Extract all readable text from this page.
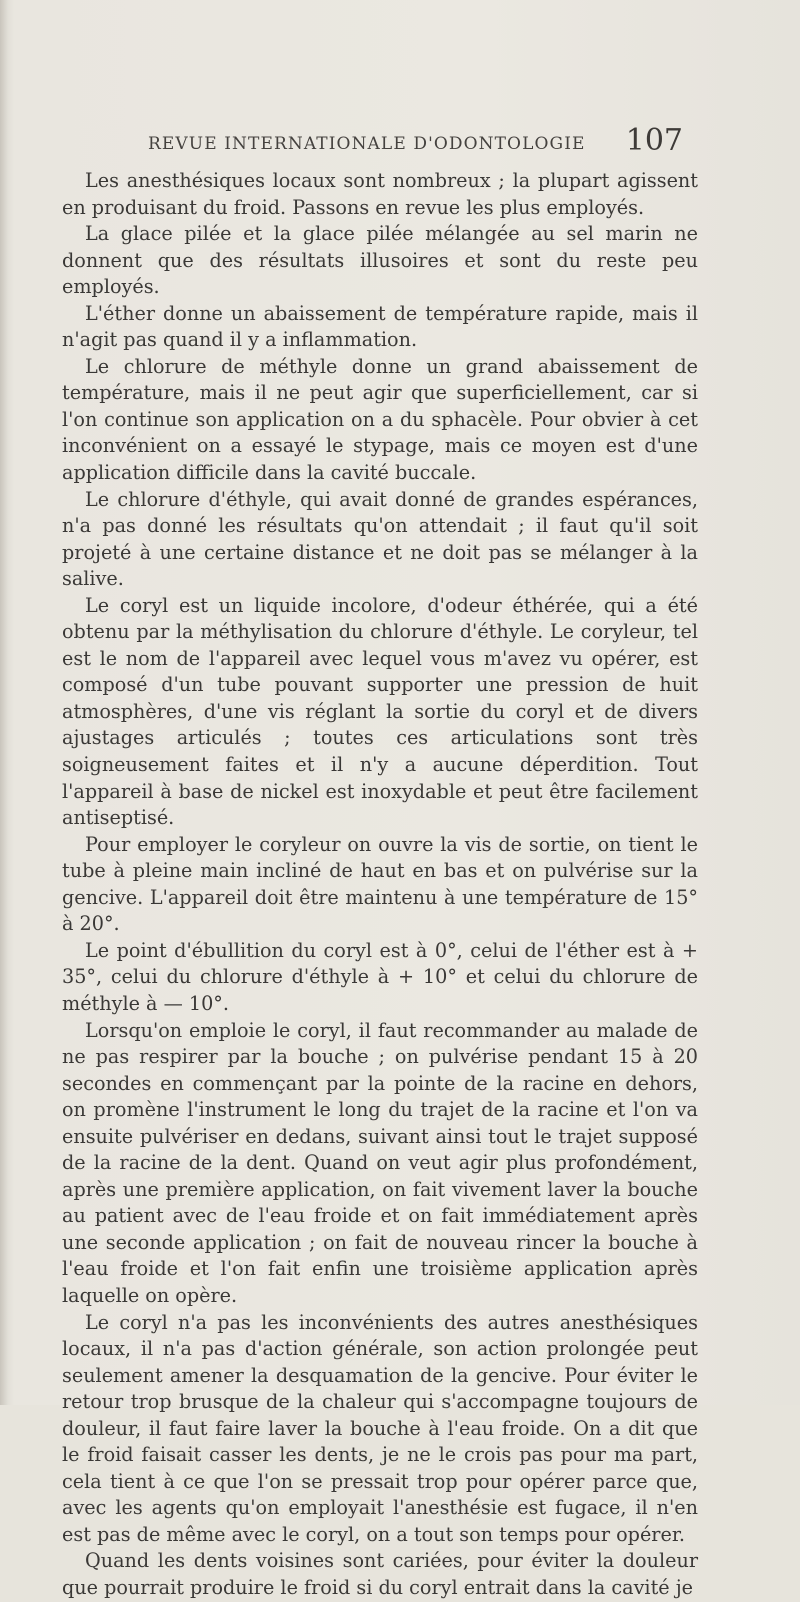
REVUE INTERNATIONALE D'ODONTOLOGIE 107

Les anesthésiques locaux sont nombreux ; la plupart agissent en produisant du froid. Passons en revue les plus employés.

La glace pilée et la glace pilée mélangée au sel marin ne donnent que des résultats illusoires et sont du reste peu employés.

L'éther donne un abaissement de température rapide, mais il n'agit pas quand il y a inflammation.

Le chlorure de méthyle donne un grand abaissement de température, mais il ne peut agir que superficiellement, car si l'on continue son application on a du sphacèle. Pour obvier à cet inconvénient on a essayé le stypage, mais ce moyen est d'une application difficile dans la cavité buccale.

Le chlorure d'éthyle, qui avait donné de grandes espérances, n'a pas donné les résultats qu'on attendait ; il faut qu'il soit projeté à une certaine distance et ne doit pas se mélanger à la salive.

Le coryl est un liquide incolore, d'odeur éthérée, qui a été obtenu par la méthylisation du chlorure d'éthyle. Le coryleur, tel est le nom de l'appareil avec lequel vous m'avez vu opérer, est composé d'un tube pouvant supporter une pression de huit atmosphères, d'une vis réglant la sortie du coryl et de divers ajustages articulés ; toutes ces articulations sont très soigneusement faites et il n'y a aucune déperdition. Tout l'appareil à base de nickel est inoxydable et peut être facilement antiseptisé.

Pour employer le coryleur on ouvre la vis de sortie, on tient le tube à pleine main incliné de haut en bas et on pulvérise sur la gencive. L'appareil doit être maintenu à une température de 15° à 20°.

Le point d'ébullition du coryl est à 0°, celui de l'éther est à + 35°, celui du chlorure d'éthyle à + 10° et celui du chlorure de méthyle à — 10°.

Lorsqu'on emploie le coryl, il faut recommander au malade de ne pas respirer par la bouche ; on pulvérise pendant 15 à 20 secondes en commençant par la pointe de la racine en dehors, on promène l'instrument le long du trajet de la racine et l'on va ensuite pulvériser en dedans, suivant ainsi tout le trajet supposé de la racine de la dent. Quand on veut agir plus profondément, après une première application, on fait vivement laver la bouche au patient avec de l'eau froide et on fait immédiatement après une seconde application ; on fait de nouveau rincer la bouche à l'eau froide et l'on fait enfin une troisième application après laquelle on opère.

Le coryl n'a pas les inconvénients des autres anesthésiques locaux, il n'a pas d'action générale, son action prolongée peut seulement amener la desquamation de la gencive. Pour éviter le retour trop brusque de la chaleur qui s'accompagne toujours de douleur, il faut faire laver la bouche à l'eau froide. On a dit que le froid faisait casser les dents, je ne le crois pas pour ma part, cela tient à ce que l'on se pressait trop pour opérer parce que, avec les agents qu'on employait l'anesthésie est fugace, il n'en est pas de même avec le coryl, on a tout son temps pour opérer.

Quand les dents voisines sont cariées, pour éviter la douleur que pourrait produire le froid si du coryl entrait dans la cavité je
